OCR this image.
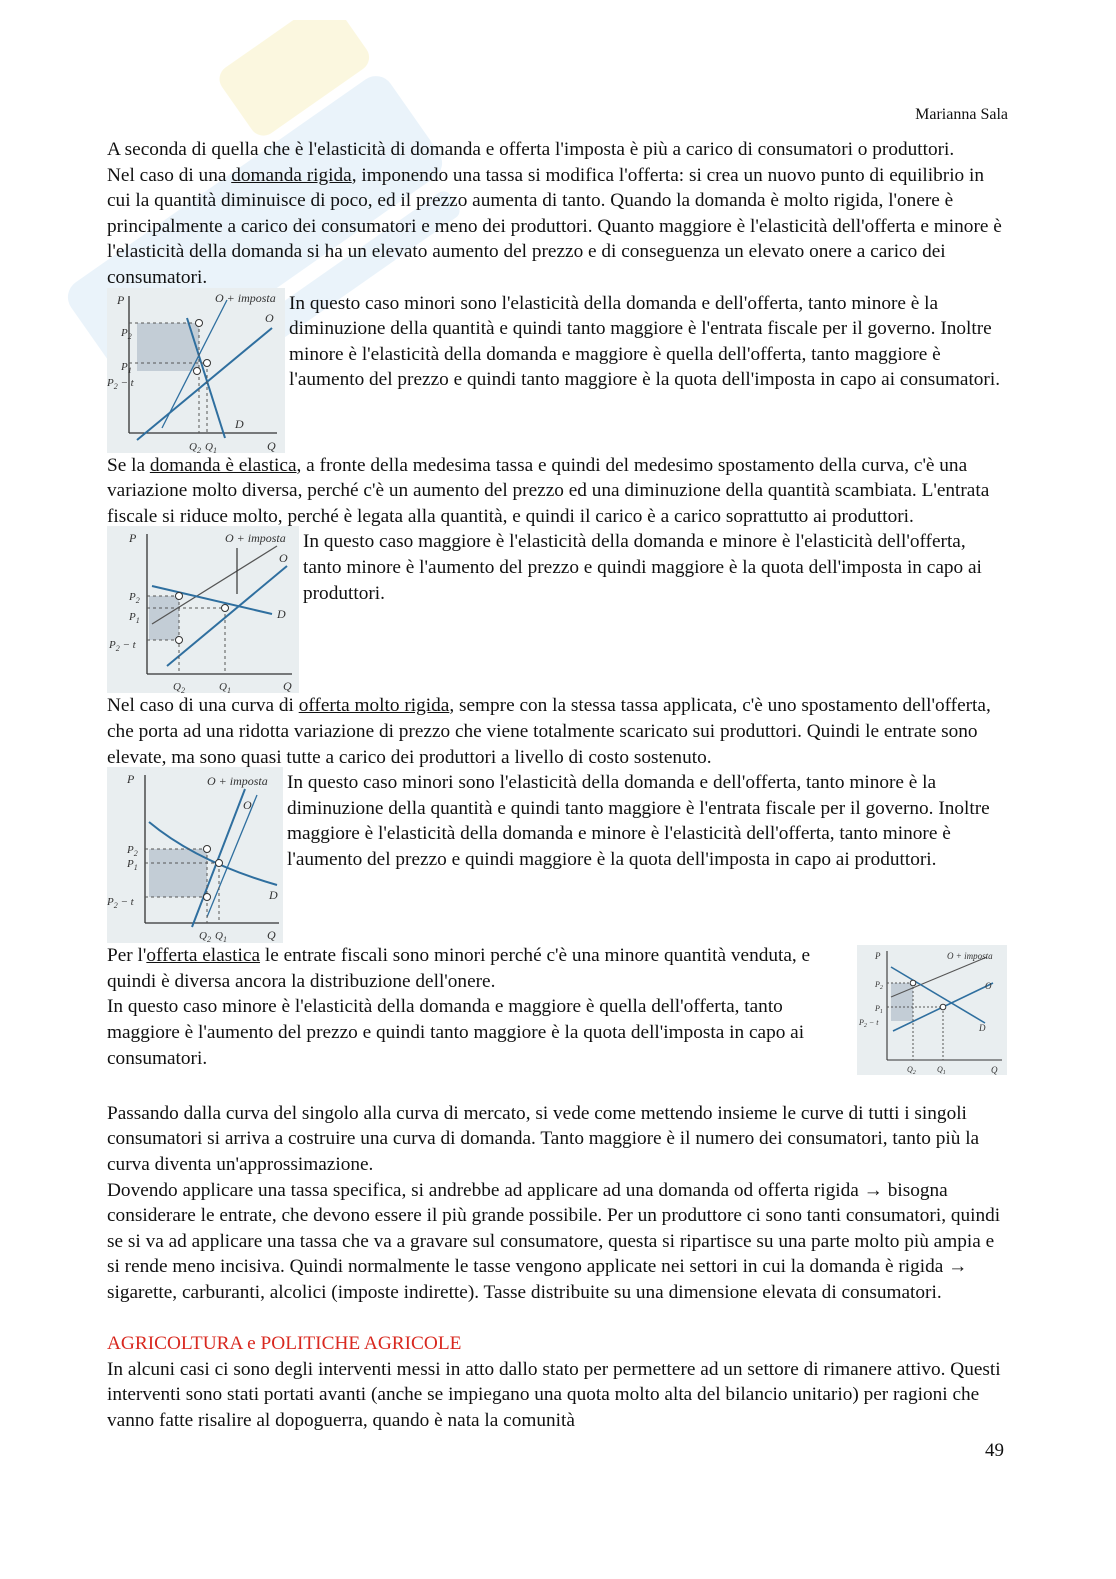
Marianna Sala

A seconda di quella che è l'elasticità di domanda e offerta l'imposta è più a carico di consumatori o produttori.

Nel caso di una domanda rigida, imponendo una tassa si modifica l'offerta: si crea un nuovo punto di equilibrio in cui la quantità diminuisce di poco, ed il prezzo aumenta di tanto. Quando la domanda è molto rigida, l'onere è principalmente a carico dei consumatori e meno dei produttori. Quanto maggiore è l'elasticità dell'offerta e minore è l'elasticità della domanda si ha un elevato aumento del prezzo e di conseguenza un elevato onere a carico dei consumatori.

P
Q
O + imposta
O
D
$P_2$
$P_1$
$P_2 - t$
$Q_2$ $Q_1$

In questo caso minori sono l'elasticità della domanda e dell'offerta, tanto minore è la diminuzione della quantità e quindi tanto maggiore è l'entrata fiscale per il governo. Inoltre minore è l'elasticità della domanda e maggiore è quella dell'offerta, tanto maggiore è l'aumento del prezzo e quindi tanto maggiore è la quota dell'imposta in capo ai consumatori.

Se la domanda è elastica, a fronte della medesima tassa e quindi del medesimo spostamento della curva, c'è una variazione molto diversa, perché c'è un aumento del prezzo ed una diminuzione della quantità scambiata. L'entrata fiscale si riduce molto, perché è legata alla quantità, e quindi il carico è a carico soprattutto ai produttori.

P
Q
O + imposta
O
D
$P_2$
$P_1$
$P_2 - t$
$Q_2$	$Q_1$

In questo caso maggiore è l'elasticità della domanda e minore è l'elasticità dell'offerta, tanto minore è l'aumento del prezzo e quindi maggiore è la quota dell'imposta in capo ai produttori.

Nel caso di una curva di offerta molto rigida, sempre con la stessa tassa applicata, c'è uno spostamento dell'offerta, che porta ad una ridotta variazione di prezzo che viene totalmente scaricato sui produttori. Quindi le entrate sono elevate, ma sono quasi tutte a carico dei produttori a livello di costo sostenuto.

P
Q
O + imposta
O
D
$P_2$
$P_1$
$P_2 - t$
$Q_2$ $Q_1$

In questo caso minori sono l'elasticità della domanda e dell'offerta, tanto minore è la diminuzione della quantità e quindi tanto maggiore è l'entrata fiscale per il governo. Inoltre maggiore è l'elasticità della domanda e minore è l'elasticità dell'offerta, tanto minore è l'aumento del prezzo e quindi maggiore è la quota dell'imposta in capo ai produttori.

P
Q
O + imposta
O
D
$P_2$
$P_1$
$P_2 - t$
$Q_2$	$Q_1$

Per l'offerta elastica le entrate fiscali sono minori perché c'è una minore quantità venduta, e quindi è diversa ancora la distribuzione dell'onere.

In questo caso minore è l'elasticità della domanda e maggiore è quella dell'offerta, tanto maggiore è l'aumento del prezzo e quindi tanto maggiore è la quota dell'imposta in capo ai consumatori.

Passando dalla curva del singolo alla curva di mercato, si vede come mettendo insieme le curve di tutti i singoli consumatori si arriva a costruire una curva di domanda. Tanto maggiore è il numero dei consumatori, tanto più la curva diventa un'approssimazione.

Dovendo applicare una tassa specifica, si andrebbe ad applicare ad una domanda od offerta rigida → bisogna considerare le entrate, che devono essere il più grande possibile. Per un produttore ci sono tanti consumatori, quindi se si va ad applicare una tassa che va a gravare sul consumatore, questa si ripartisce su una parte molto più ampia e si rende meno incisiva. Quindi normalmente le tasse vengono applicate nei settori in cui la domanda è rigida → sigarette, carburanti, alcolici (imposte indirette). Tasse distribuite su una dimensione elevata di consumatori.

AGRICOLTURA e POLITICHE AGRICOLE

In alcuni casi ci sono degli interventi messi in atto dallo stato per permettere ad un settore di rimanere attivo. Questi interventi sono stati portati avanti (anche se impiegano una quota molto alta del bilancio unitario) per ragioni che vanno fatte risalire al dopoguerra, quando è nata la comunità

49
